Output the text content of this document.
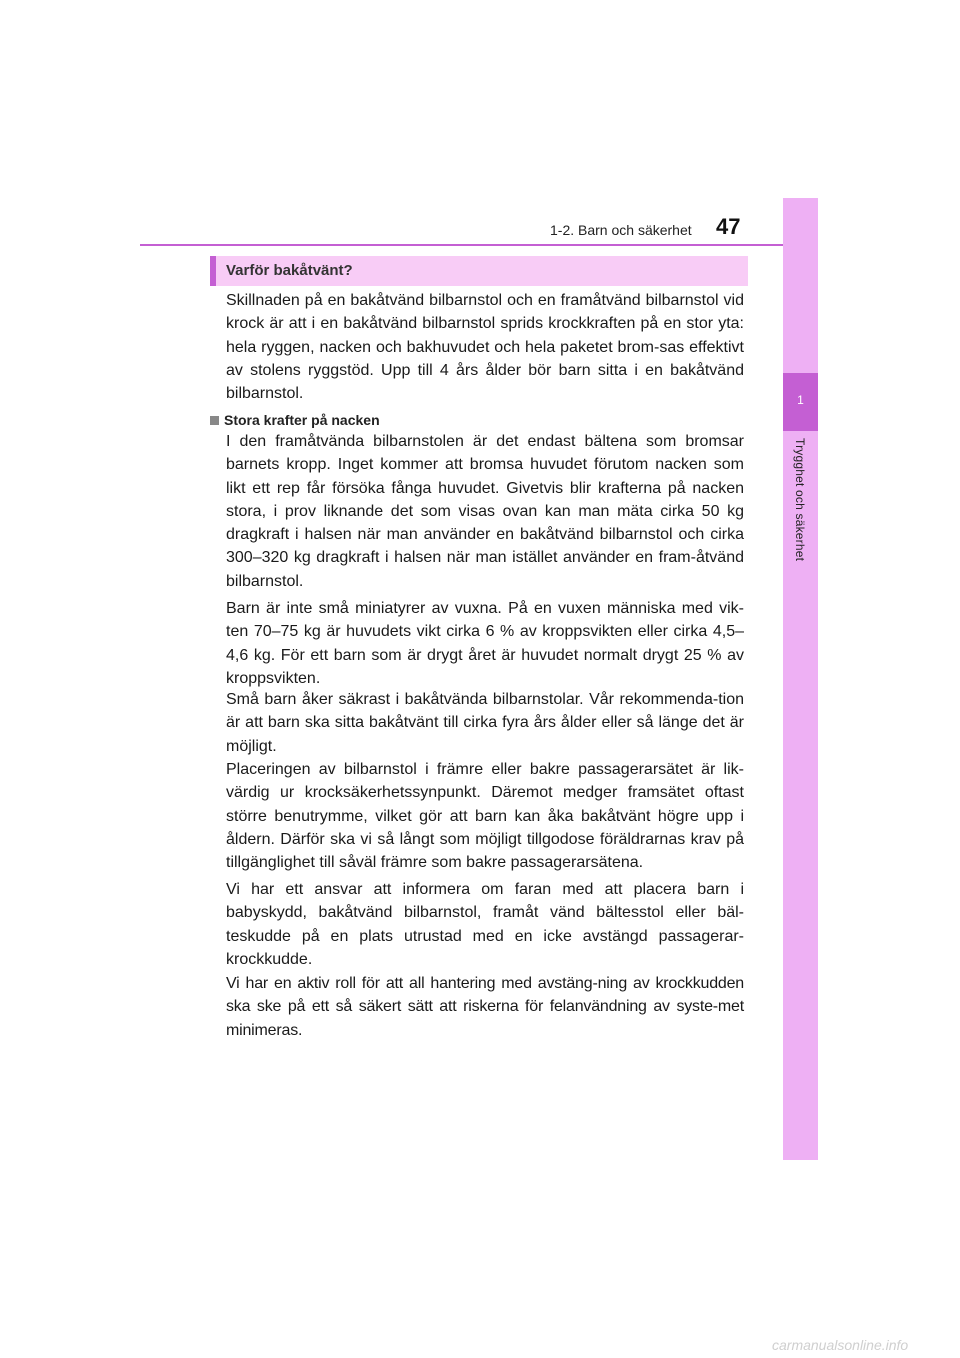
1-2. Barn och säkerhet 47
1
Trygghet och säkerhet
Varför bakåtvänt?

Skillnaden på en bakåtvänd bilbarnstol och en framåtvänd bilbarnstol vid krock är att i en bakåtvänd bilbarnstol sprids krockkraften på en stor yta: hela ryggen, nacken och bakhuvudet och hela paketet brom-sas effektivt av stolens ryggstöd. Upp till 4 års ålder bör barn sitta i en bakåtvänd bilbarnstol.

Stora krafter på nacken

I den framåtvända bilbarnstolen är det endast bältena som bromsar barnets kropp. Inget kommer att bromsa huvudet förutom nacken som likt ett rep får försöka fånga huvudet. Givetvis blir krafterna på nacken stora, i prov liknande det som visas ovan kan man mäta cirka 50 kg dragkraft i halsen när man använder en bakåtvänd bilbarnstol och cirka 300–320 kg dragkraft i halsen när man istället använder en fram-åtvänd bilbarnstol.

Barn är inte små miniatyrer av vuxna. På en vuxen människa med vik-ten 70–75 kg är huvudets vikt cirka 6 % av kroppsvikten eller cirka 4,5–4,6 kg. För ett barn som är drygt året är huvudet normalt drygt 25 % av kroppsvikten.

Små barn åker säkrast i bakåtvända bilbarnstolar. Vår rekommenda-tion är att barn ska sitta bakåtvänt till cirka fyra års ålder eller så länge det är möjligt.

Placeringen av bilbarnstol i främre eller bakre passagerarsätet är lik-värdig ur krocksäkerhetssynpunkt. Däremot medger framsätet oftast större benutrymme, vilket gör att barn kan åka bakåtvänt högre upp i åldern. Därför ska vi så långt som möjligt tillgodose föräldrarnas krav på tillgänglighet till såväl främre som bakre passagerarsätena.

Vi har ett ansvar att informera om faran med att placera barn i babyskydd, bakåtvänd bilbarnstol, framåt vänd bältesstol eller bäl-teskudde på en plats utrustad med en icke avstängd passagerar-krockkudde.

Vi har en aktiv roll för att all hantering med avstäng-ning av krockkudden ska ske på ett så säkert sätt att riskerna för felanvändning av syste-met minimeras.

carmanualsonline.info
